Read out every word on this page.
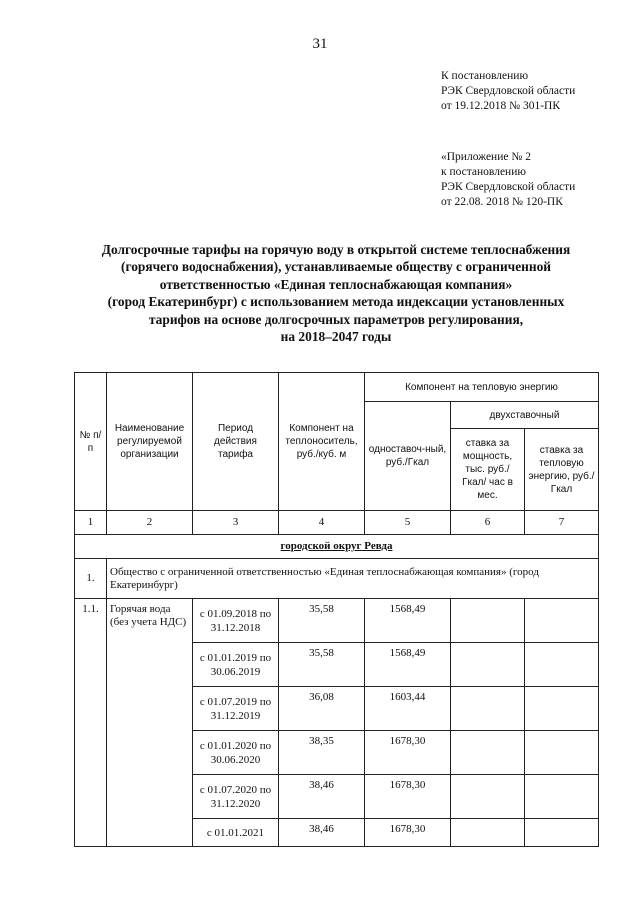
31
К постановлению
РЭК Свердловской области
от 19.12.2018 № 301-ПК
«Приложение № 2
к постановлению
РЭК Свердловской области
от 22.08. 2018 № 120-ПК
Долгосрочные тарифы на горячую воду в открытой системе теплоснабжения
(горячего водоснабжения), устанавливаемые обществу с ограниченной
ответственностью «Единая теплоснабжающая компания»
(город Екатеринбург) с использованием метода индексации установленных
тарифов на основе долгосрочных параметров регулирования,
на 2018–2047 годы
№ п/п	Наименование регулируемой организации	Период действия тарифа	Компонент на теплоноситель, руб./куб. м	Компонент на тепловую энергию		
				одноставоч-ный, руб./Гкал	двухставочный	
					ставка за мощность, тыс. руб./Гкал/ час в мес.	ставка за тепловую энергию, руб./Гкал
1	2	3	4	5	6	7
городской округ Ревда						
1.	Общество с ограниченной ответственностью «Единая теплоснабжающая компания» (город Екатеринбург)					
1.1.	Горячая вода (без учета НДС)	с 01.09.2018 по 31.12.2018	35,58	1568,49		
		с 01.01.2019 по 30.06.2019	35,58	1568,49		
		с 01.07.2019 по 31.12.2019	36,08	1603,44		
		с 01.01.2020 по 30.06.2020	38,35	1678,30		
		с 01.07.2020 по 31.12.2020	38,46	1678,30		
		с 01.01.2021	38,46	1678,30		
